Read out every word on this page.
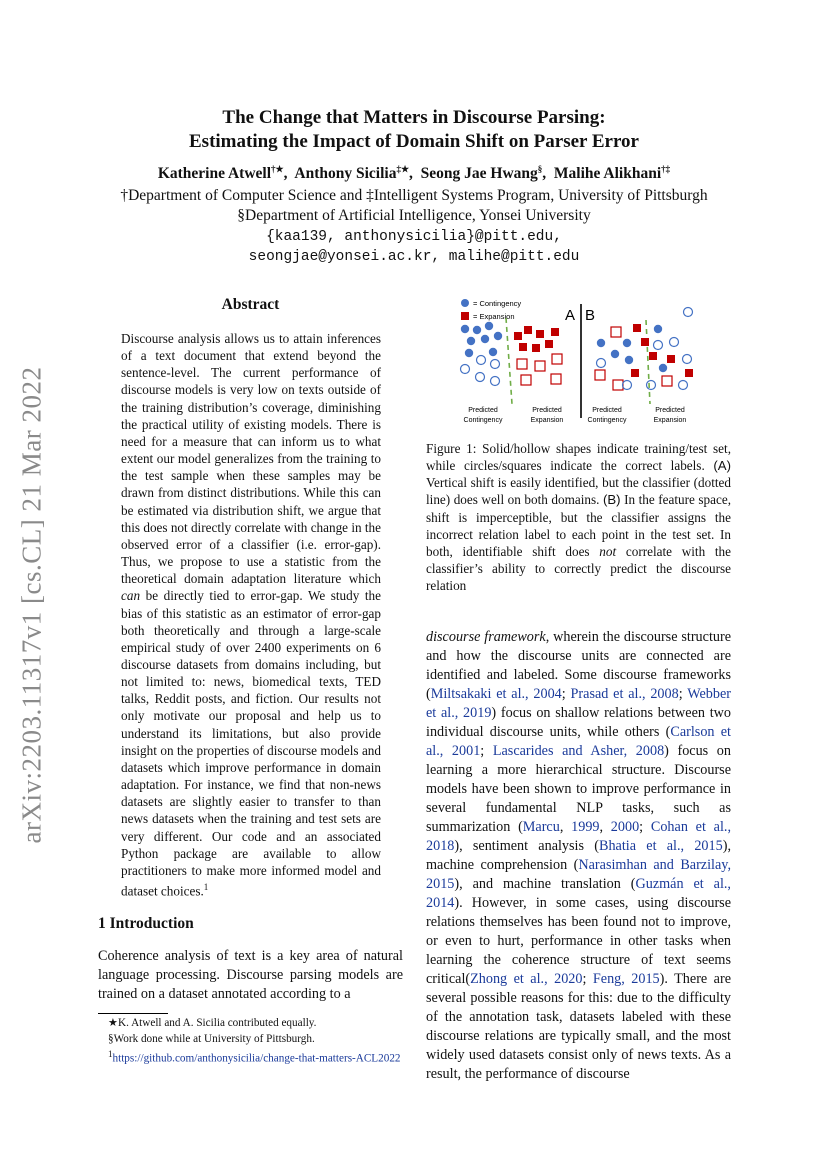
arXiv:2203.11317v1 [cs.CL] 21 Mar 2022
The Change that Matters in Discourse Parsing:
Estimating the Impact of Domain Shift on Parser Error
Katherine Atwell†★,  Anthony Sicilia‡★,  Seong Jae Hwang§,  Malihe Alikhani†‡
†Department of Computer Science and ‡Intelligent Systems Program, University of Pittsburgh
§Department of Artificial Intelligence, Yonsei University
{kaa139, anthonysicilia}@pitt.edu,
seongjae@yonsei.ac.kr, malihe@pitt.edu
Abstract
Discourse analysis allows us to attain inferences of a text document that extend beyond the sentence-level. The current performance of discourse models is very low on texts outside of the training distribution’s coverage, diminishing the practical utility of existing models. There is need for a measure that can inform us to what extent our model generalizes from the training to the test sample when these samples may be drawn from distinct distributions. While this can be estimated via distribution shift, we argue that this does not directly correlate with change in the observed error of a classifier (i.e. error-gap). Thus, we propose to use a statistic from the theoretical domain adaptation literature which can be directly tied to error-gap. We study the bias of this statistic as an estimator of error-gap both theoretically and through a large-scale empirical study of over 2400 experiments on 6 discourse datasets from domains including, but not limited to: news, biomedical texts, TED talks, Reddit posts, and fiction. Our results not only motivate our proposal and help us to understand its limitations, but also provide insight on the properties of discourse models and datasets which improve performance in domain adaptation. For instance, we find that non-news datasets are slightly easier to transfer to than news datasets when the training and test sets are very different. Our code and an associated Python package are available to allow practitioners to make more informed model and dataset choices.$^1$
1 Introduction
Coherence analysis of text is a key area of natural language processing. Discourse parsing models are trained on a dataset annotated according to a
★K. Atwell and A. Sicilia contributed equally.
§Work done while at University of Pittsburgh.
$^1$https://github.com/anthonysicilia/change-that-matters-ACL2022
= Contingency
= Expansion	A B
Predicted
Contingency
Predicted
Expansion
Predicted
Contingency
Predicted
Expansion
Figure 1: Solid/hollow shapes indicate training/test set, while circles/squares indicate the correct labels. (A) Vertical shift is easily identified, but the classifier (dotted line) does well on both domains. (B) In the feature space, shift is imperceptible, but the classifier assigns the incorrect relation label to each point in the test set. In both, identifiable shift does not correlate with the classifier’s ability to correctly predict the discourse relation
discourse framework, wherein the discourse structure and how the discourse units are connected are identified and labeled. Some discourse frameworks (Miltsakaki et al., 2004; Prasad et al., 2008; Webber et al., 2019) focus on shallow relations between two individual discourse units, while others (Carlson et al., 2001; Lascarides and Asher, 2008) focus on learning a more hierarchical structure. Discourse models have been shown to improve performance in several fundamental NLP tasks, such as summarization (Marcu, 1999, 2000; Cohan et al., 2018), sentiment analysis (Bhatia et al., 2015), machine comprehension (Narasimhan and Barzilay, 2015), and machine translation (Guzmán et al., 2014). However, in some cases, using discourse relations themselves has been found not to improve, or even to hurt, performance in other tasks when learning the coherence structure of text seems critical(Zhong et al., 2020; Feng, 2015). There are several possible reasons for this: due to the difficulty of the annotation task, datasets labeled with these discourse relations are typically small, and the most widely used datasets consist only of news texts. As a result, the performance of discourse
